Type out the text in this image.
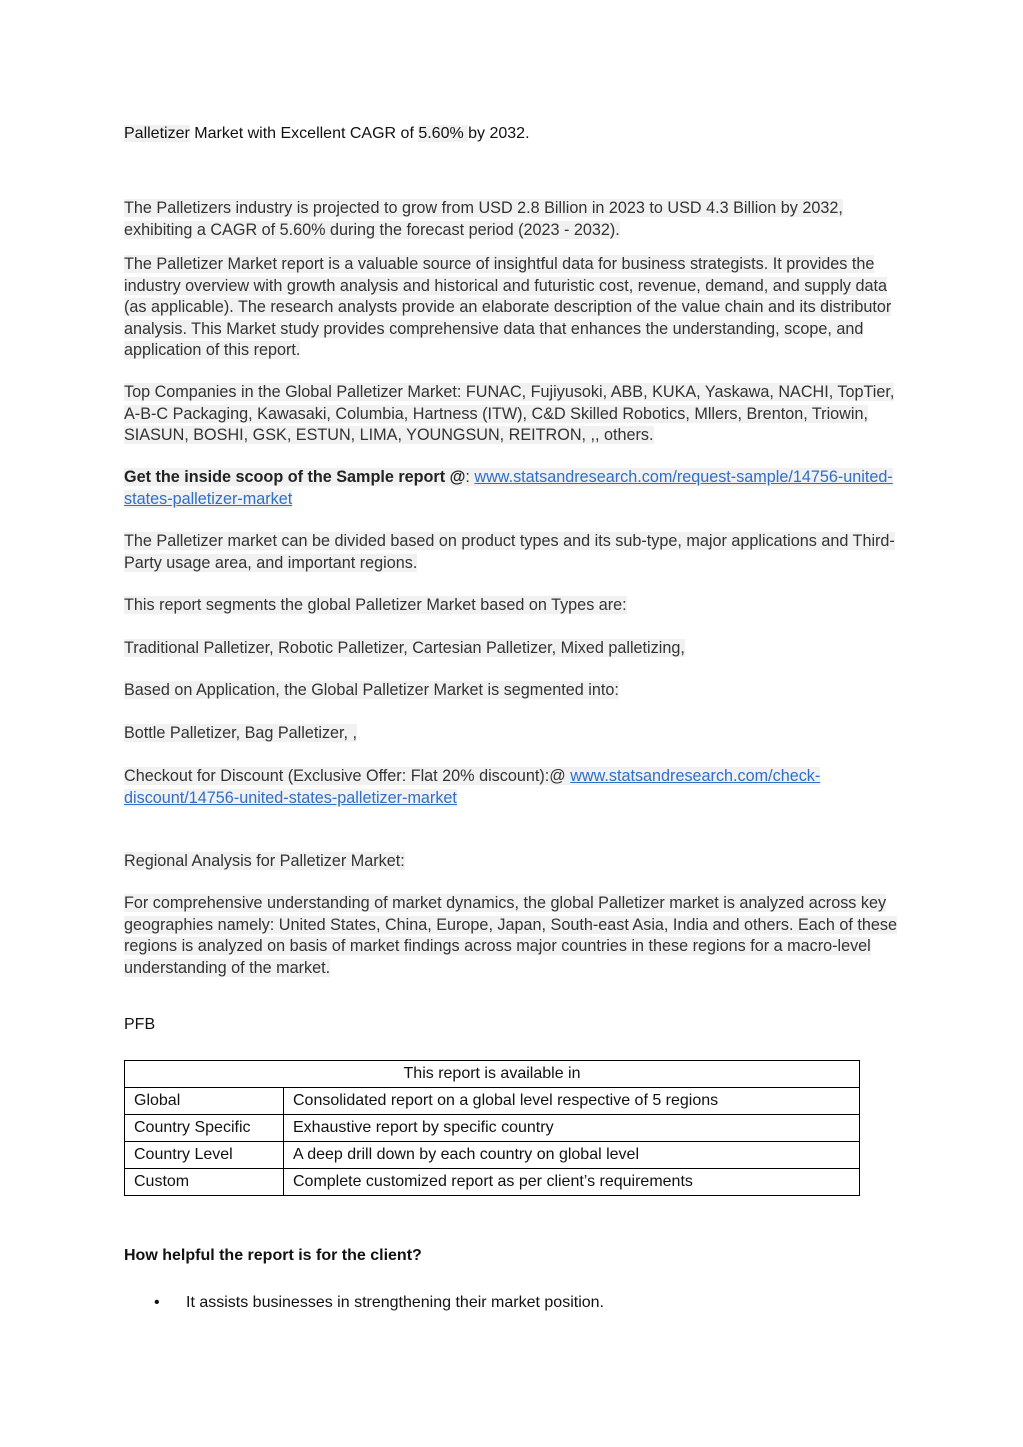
Palletizer Market with Excellent CAGR of 5.60% by 2032.

The Palletizers industry is projected to grow from USD 2.8 Billion in 2023 to USD 4.3 Billion by 2032, exhibiting a CAGR of 5.60% during the forecast period (2023 - 2032).

The Palletizer Market report is a valuable source of insightful data for business strategists. It provides the industry overview with growth analysis and historical and futuristic cost, revenue, demand, and supply data (as applicable). The research analysts provide an elaborate description of the value chain and its distributor analysis. This Market study provides comprehensive data that enhances the understanding, scope, and application of this report.

Top Companies in the Global Palletizer Market: FUNAC, Fujiyusoki, ABB, KUKA, Yaskawa, NACHI, TopTier, A-B-C Packaging, Kawasaki, Columbia, Hartness (ITW), C&D Skilled Robotics, Mllers, Brenton, Triowin, SIASUN, BOSHI, GSK, ESTUN, LIMA, YOUNGSUN, REITRON, ,, others.

Get the inside scoop of the Sample report @: www.statsandresearch.com/request-sample/14756-united-states-palletizer-market

The Palletizer market can be divided based on product types and its sub-type, major applications and Third-Party usage area, and important regions.

This report segments the global Palletizer Market based on Types are:

Traditional Palletizer, Robotic Palletizer, Cartesian Palletizer, Mixed palletizing,

Based on Application, the Global Palletizer Market is segmented into:

Bottle Palletizer, Bag Palletizer, ,

Checkout for Discount (Exclusive Offer: Flat 20% discount):@ www.statsandresearch.com/check-discount/14756-united-states-palletizer-market

Regional Analysis for Palletizer Market:

For comprehensive understanding of market dynamics, the global Palletizer market is analyzed across key geographies namely: United States, China, Europe, Japan, South-east Asia, India and others. Each of these regions is analyzed on basis of market findings across major countries in these regions for a macro-level understanding of the market.

PFB

This report is available in	
Global	Consolidated report on a global level respective of 5 regions
Country Specific	Exhaustive report by specific country
Country Level	A deep drill down by each country on global level
Custom	Complete customized report as per client’s requirements

How helpful the report is for the client?

• It assists businesses in strengthening their market position.
